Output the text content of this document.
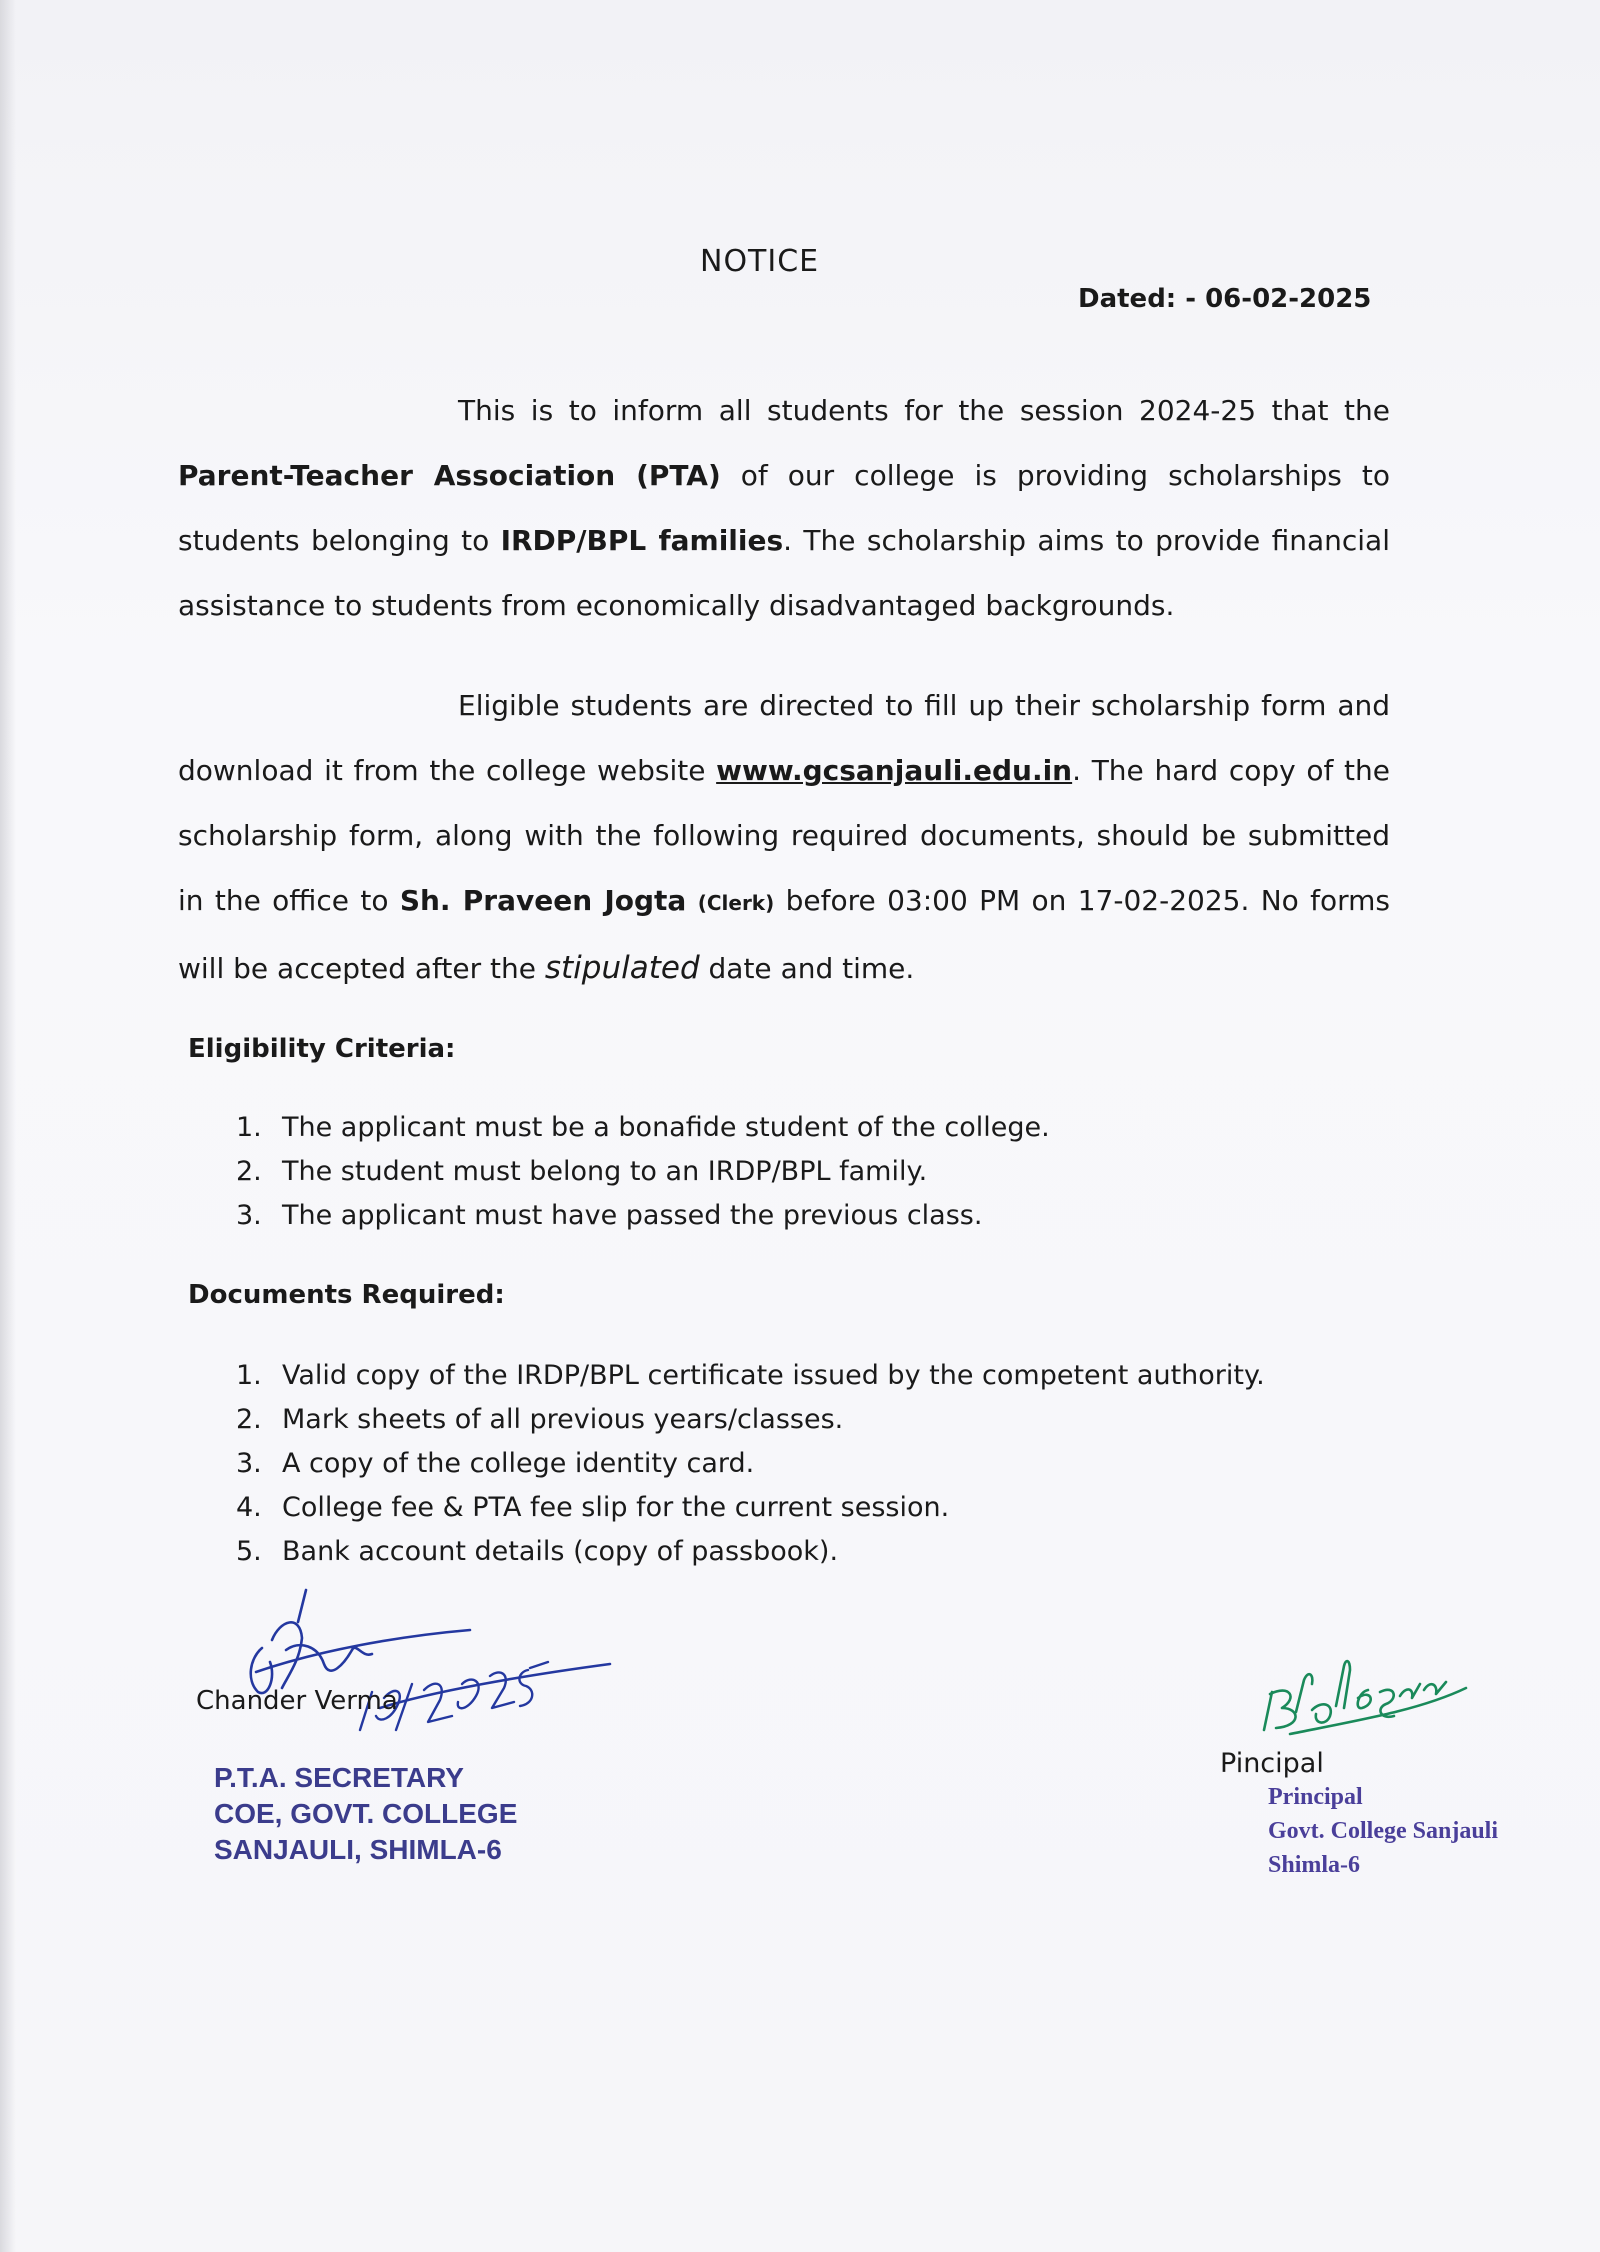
NOTICE
Dated: - 06-02-2025

This is to inform all students for the session 2024-25 that the Parent-Teacher Association (PTA) of our college is providing scholarships to students belonging to IRDP/BPL families. The scholarship aims to provide financial assistance to students from economically disadvantaged backgrounds.

Eligible students are directed to fill up their scholarship form and download it from the college website www.gcsanjauli.edu.in. The hard copy of the scholarship form, along with the following required documents, should be submitted in the office to Sh. Praveen Jogta (Clerk) before 03:00 PM on 17-02-2025. No forms will be accepted after the stipulated date and time.

Eligibility Criteria:
1. The applicant must be a bonafide student of the college.
2. The student must belong to an IRDP/BPL family.
3. The applicant must have passed the previous class.
Documents Required:
1. Valid copy of the IRDP/BPL certificate issued by the competent authority.
2. Mark sheets of all previous years/classes.
3. A copy of the college identity card.
4. College fee & PTA fee slip for the current session.
5. Bank account details (copy of passbook).
Chander Verma
P.T.A. SECRETARY
COE, GOVT. COLLEGE
SANJAULI, SHIMLA-6
Pincipal
Principal
Govt. College Sanjauli
Shimla-6
